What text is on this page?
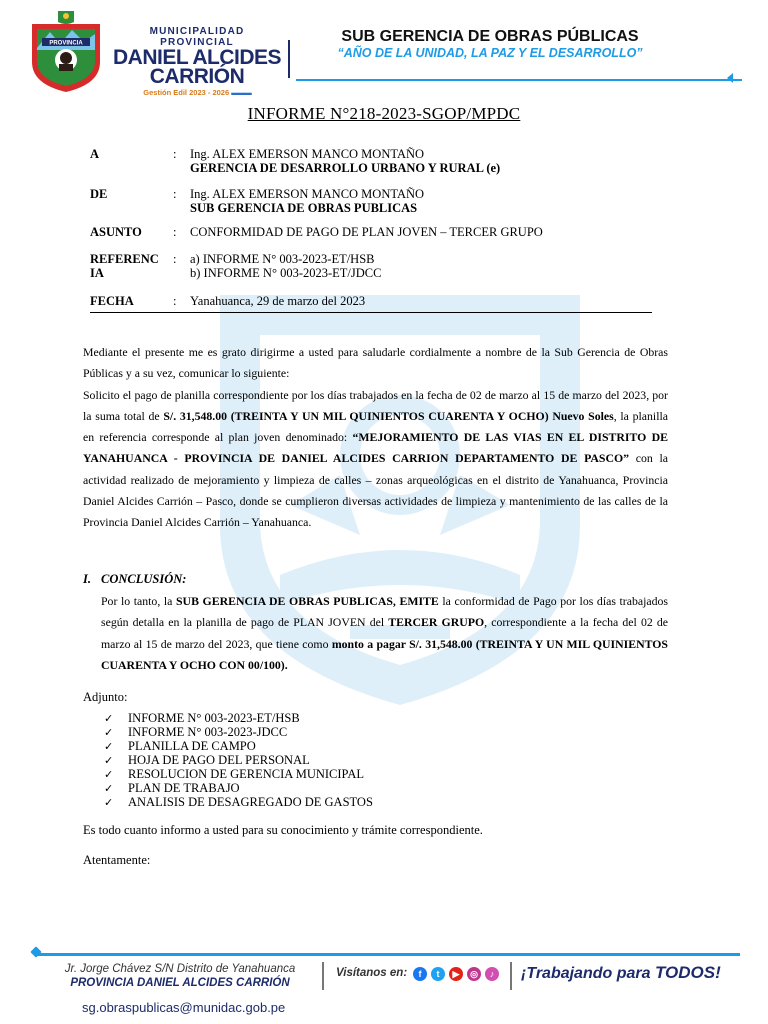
PROVINCIA
MUNICIPALIDAD PROVINCIAL
DANIEL ALCIDES
CARRIÓN
Gestión Edil 2023 - 2026 ▬▬▬
SUB GERENCIA DE OBRAS PÚBLICAS
“AÑO DE LA UNIDAD, LA PAZ Y EL DESARROLLO”
INFORME N°218-2023-SGOP/MPDC
A	: Ing. ALEX EMERSON MANCO MONTAÑO
GERENCIA DE DESARROLLO URBANO Y RURAL (e)
DE	: Ing. ALEX EMERSON MANCO MONTAÑO
SUB GERENCIA DE OBRAS PUBLICAS
ASUNTO	: CONFORMIDAD DE PAGO DE PLAN JOVEN – TERCER GRUPO
REFERENC
IA
: a) INFORME N° 003-2023-ET/HSB
b) INFORME N° 003-2023-ET/JDCC
FECHA	: Yanahuanca, 29 de marzo del 2023

Mediante el presente me es grato dirigirme a usted para saludarle cordialmente a nombre de la Sub Gerencia de Obras Públicas y a su vez, comunicar lo siguiente:

Solicito el pago de planilla correspondiente por los días trabajados en la fecha de 02 de marzo al 15 de marzo del 2023, por la suma total de S/. 31,548.00 (TREINTA Y UN MIL QUINIENTOS CUARENTA Y OCHO) Nuevo Soles, la planilla en referencia corresponde al plan joven denominado: “MEJORAMIENTO DE LAS VIAS EN EL DISTRITO DE YANAHUANCA - PROVINCIA DE DANIEL ALCIDES CARRION DEPARTAMENTO DE PASCO” con la actividad realizado de mejoramiento y limpieza de calles – zonas arqueológicas en el distrito de Yanahuanca, Provincia Daniel Alcides Carrión – Pasco, donde se cumplieron diversas actividades de limpieza y mantenimiento de las calles de la Provincia Daniel Alcides Carrión – Yanahuanca.

I. CONCLUSIÓN:
Por lo tanto, la SUB GERENCIA DE OBRAS PUBLICAS, EMITE la conformidad de Pago por los días trabajados según detalla en la planilla de pago de PLAN JOVEN del TERCER GRUPO, correspondiente a la fecha del 02 de marzo al 15 de marzo del 2023, que tiene como monto a pagar S/. 31,548.00 (TREINTA Y UN MIL QUINIENTOS CUARENTA Y OCHO CON 00/100).
Adjunto:
✓ INFORME N° 003-2023-ET/HSB
✓ INFORME N° 003-2023-JDCC
✓ PLANILLA DE CAMPO
✓ HOJA DE PAGO DEL PERSONAL
✓ RESOLUCION DE GERENCIA MUNICIPAL
✓ PLAN DE TRABAJO
✓ ANALISIS DE DESAGREGADO DE GASTOS
Es todo cuanto informo a usted para su conocimiento y trámite correspondiente.
Atentamente:
Jr. Jorge Chávez S/N Distrito de Yanahuanca
PROVINCIA DANIEL ALCIDES CARRIÓN
Visítanos en:	f	t	▶	◎	♪ ¡Trabajando para TODOS!
sg.obraspublicas@munidac.gob.pe
